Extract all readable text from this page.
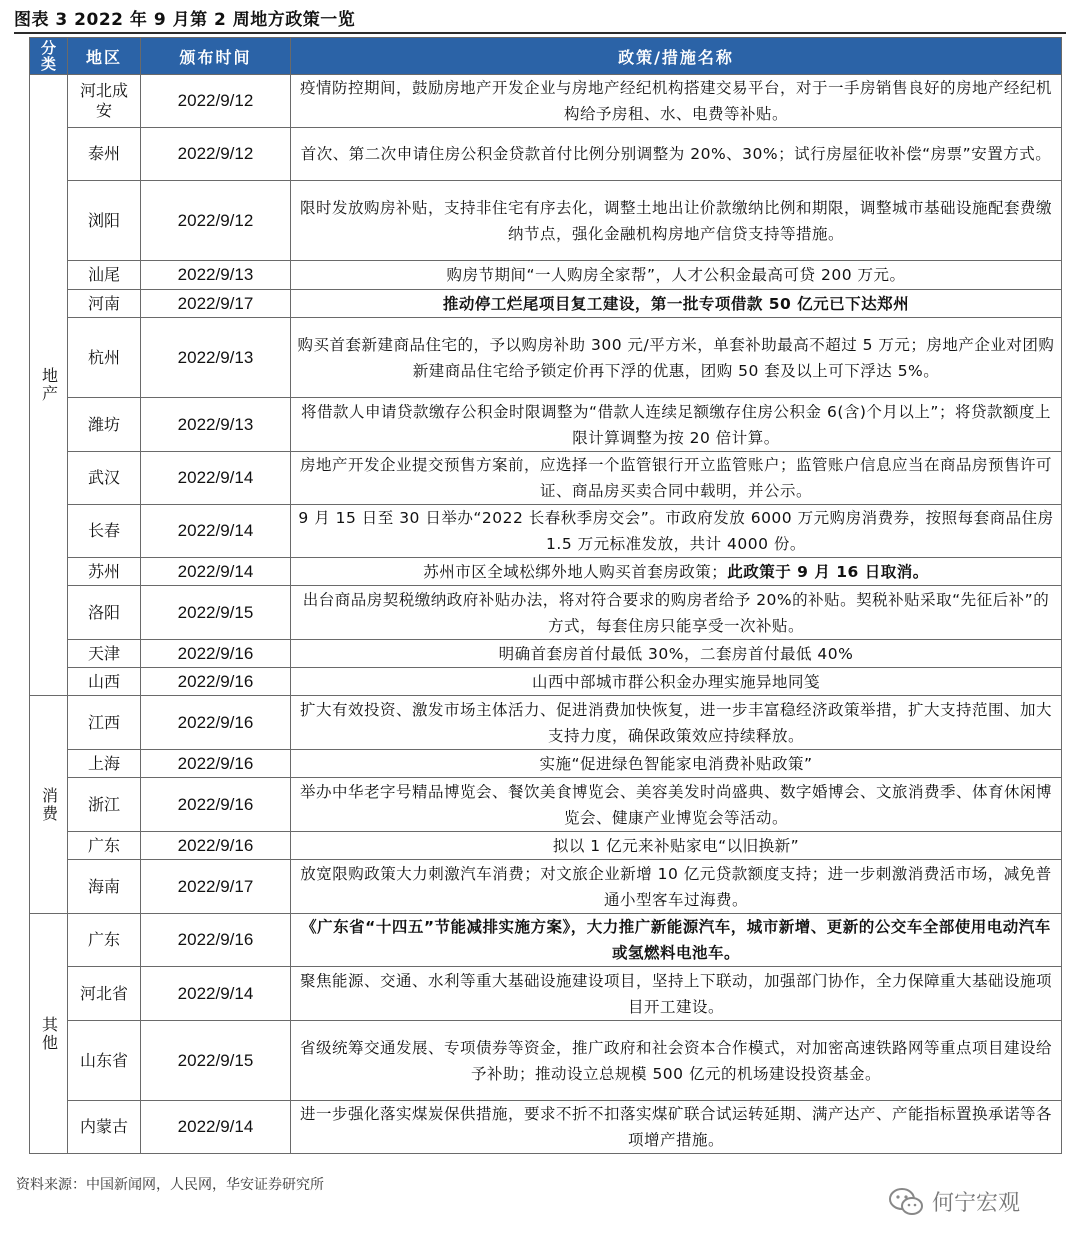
图表 3 2022 年 9 月第 2 周地方政策一览
分类	地区	颁布时间	政策/措施名称
地产	河北成安	2022/9/12	疫情防控期间，鼓励房地产开发企业与房地产经纪机构搭建交易平台，对于一手房销售良好的房地产经纪机构给予房租、水、电费等补贴。
	泰州	2022/9/12	首次、第二次申请住房公积金贷款首付比例分别调整为 20%、30%；试行房屋征收补偿“房票”安置方式。
	浏阳	2022/9/12	限时发放购房补贴，支持非住宅有序去化，调整土地出让价款缴纳比例和期限，调整城市基础设施配套费缴纳节点，强化金融机构房地产信贷支持等措施。
	汕尾	2022/9/13	购房节期间“一人购房全家帮”，人才公积金最高可贷 200 万元。
	河南	2022/9/17	推动停工烂尾项目复工建设，第一批专项借款 50 亿元已下达郑州
	杭州	2022/9/13	购买首套新建商品住宅的，予以购房补助 300 元/平方米，单套补助最高不超过 5 万元；房地产企业对团购新建商品住宅给予锁定价再下浮的优惠，团购 50 套及以上可下浮达 5%。
	潍坊	2022/9/13	将借款人申请贷款缴存公积金时限调整为“借款人连续足额缴存住房公积金 6(含)个月以上”；将贷款额度上限计算调整为按 20 倍计算。
	武汉	2022/9/14	房地产开发企业提交预售方案前，应选择一个监管银行开立监管账户；监管账户信息应当在商品房预售许可证、商品房买卖合同中载明，并公示。
	长春	2022/9/14	9 月 15 日至 30 日举办“2022 长春秋季房交会”。市政府发放 6000 万元购房消费券，按照每套商品住房 1.5 万元标准发放，共计 4000 份。
	苏州	2022/9/14	苏州市区全域松绑外地人购买首套房政策；此政策于 9 月 16 日取消。
	洛阳	2022/9/15	出台商品房契税缴纳政府补贴办法，将对符合要求的购房者给予 20%的补贴。契税补贴采取“先征后补”的方式，每套住房只能享受一次补贴。
	天津	2022/9/16	明确首套房首付最低 30%，二套房首付最低 40%
	山西	2022/9/16	山西中部城市群公积金办理实施异地同笺
消费	江西	2022/9/16	扩大有效投资、激发市场主体活力、促进消费加快恢复，进一步丰富稳经济政策举措，扩大支持范围、加大支持力度，确保政策效应持续释放。
	上海	2022/9/16	实施“促进绿色智能家电消费补贴政策”
	浙江	2022/9/16	举办中华老字号精品博览会、餐饮美食博览会、美容美发时尚盛典、数字婚博会、文旅消费季、体育休闲博览会、健康产业博览会等活动。
	广东	2022/9/16	拟以 1 亿元来补贴家电“以旧换新”
	海南	2022/9/17	放宽限购政策大力刺激汽车消费；对文旅企业新增 10 亿元贷款额度支持；进一步刺激消费活市场，减免普通小型客车过海费。
其他	广东	2022/9/16	《广东省“十四五”节能减排实施方案》，大力推广新能源汽车，城市新增、更新的公交车全部使用电动汽车或氢燃料电池车。
	河北省	2022/9/14	聚焦能源、交通、水利等重大基础设施建设项目，坚持上下联动，加强部门协作，全力保障重大基础设施项目开工建设。
	山东省	2022/9/15	省级统筹交通发展、专项债券等资金，推广政府和社会资本合作模式，对加密高速铁路网等重点项目建设给予补助；推动设立总规模 500 亿元的机场建设投资基金。
	内蒙古	2022/9/14	进一步强化落实煤炭保供措施，要求不折不扣落实煤矿联合试运转延期、满产达产、产能指标置换承诺等各项增产措施。
资料来源：中国新闻网，人民网，华安证券研究所
何宁宏观
